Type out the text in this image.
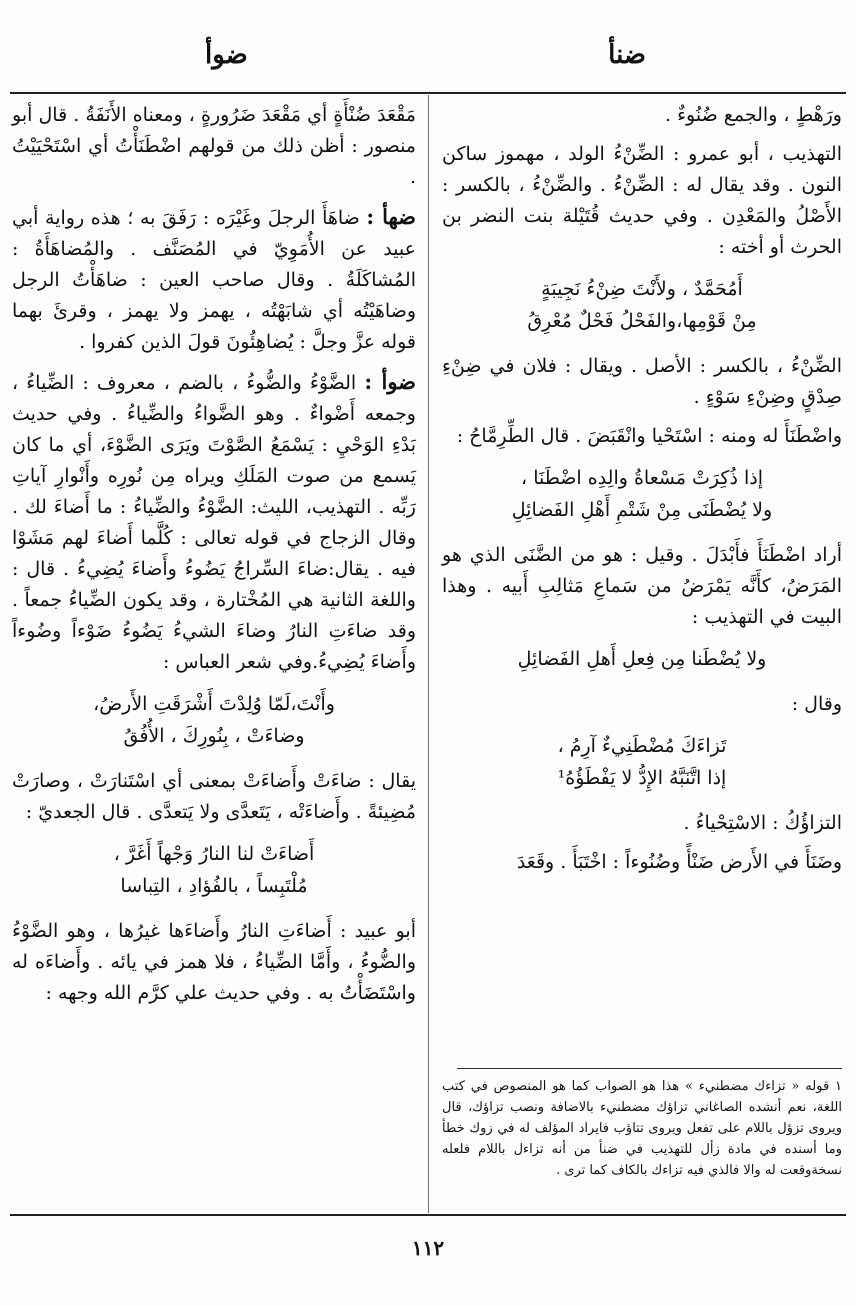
ضنأ
ضوأ

ورَهْطٍ ، والجمع ضُنُوءٌ .

التهذيب ، أبو عمرو : الضِّنْءُ الولد ، مهموز ساكن النون . وقد يقال له : الضِّنْءُ . والضِّنْءُ ، بالكسر : الأَصْلُ والمَعْدِن . وفي حديث قُتَيْلة بنت النضر بن الحرث أو أخته :

أَمُحَمَّدٌ ، ولأَنْتَ ضِنْءُ نَجِيبَةٍ
مِنْ قَوْمِها،والفَحْلُ فَحْلٌ مُعْرِقُ

الضِّنْءُ ، بالكسر : الأصل . ويقال : فلان في ضِنْءِ صِدْقٍ وضِنْءِ سَوْءٍ .

واضْطَنَأَ له ومنه : اسْتَحْيا وانْقَبَضَ . قال الطِّرِمَّاحُ :

إذا ذُكِرَتْ مَسْعاةُ والِدِه اضْطَنَا ،
ولا يُضْطَنَى مِنْ شَتْمِ أَهْلِ الفَضائِلِ

أراد اضْطَنَأَ فأَبْدَلَ . وقيل : هو من الضَّنَى الذي هو المَرَضُ، كأَنَّه يَمْرَضُ من سَماعِ مَثالِبِ أَبيه . وهذا البيت في التهذيب :

ولا يُضْطَنا مِن فِعلِ أَهلِ الفَضائِلِ

وقال :

تَزاءَكَ مُضْطَنِيءٌ آرِمُ ،
إذا اتَّنَبَّهُ الإِدُّ لا يَفْطَؤُهُ¹

التزاؤُكُ : الاسْتِحْياءُ .

وضَنَأَ في الأَرض ضَنْأً وضُنُوءاً : اخْتَبَأَ . وقَعَدَ

١ قوله « تزاءك مضطنيء » هذا هو الصواب كما هو المنصوص في كتب اللغة، نعم أنشده الصاغاني تزاؤك مضطنيء بالاضافة ونصب تزاؤك، قال ويروى تزؤل باللام على تفعل ويروى تتاؤب فايراد المؤلف له في زوك خطأ وما أسنده في مادة زأل للتهذيب في ضنأ من أنه تزاءل باللام فلعله نسخةوقعت له والا فالذي فيه تزاءك بالكاف كما ترى .

مَقْعَدَ ضُنْأَةٍ أي مَقْعَدَ ضَرُورةٍ ، ومعناه الأَنَفَةُ . قال أبو منصور : أظن ذلك من قولهم اضْطَنَأْتُ أي اسْتَحْيَيْتُ .

ضهأ : ضاهَأَ الرجلَ وغَيْرَه : رَفَقَ به ؛ هذه رواية أبي عبيد عن الأُمَوِيّ في المُصَنَّف . والمُضاهَأَةُ : المُشاكَلَةُ . وقال صاحب العين : ضاهَأْتُ الرجل وضاهَيْتُه أي شابَهْتُه ، يهمز ولا يهمز ، وقرئَ بهما قوله عزَّ وجلَّ : يُضاهِئُونَ قولَ الذين كفروا .

ضوأ : الضَّوْءُ والضُّوءُ ، بالضم ، معروف : الضِّياءُ ، وجمعه أَضْواءٌ . وهو الضَّواءُ والضِّياءُ . وفي حديث بَدْءِ الوَحْيِ : يَسْمَعُ الصَّوْتَ ويَرَى الضَّوْءَ، أي ما كان يَسمع من صوت المَلَكِ ويراه مِن نُورِه وأَنْوارِ آياتِ رَبِّه . التهذيب، الليث: الضَّوْءُ والضِّياءُ : ما أَضاءَ لك . وقال الزجاج في قوله تعالى : كُلَّما أَضاءَ لهم مَشَوْا فيه . يقال:ضاءَ السِّراجُ يَضُوءُ وأَضاءَ يُضِيءُ . قال : واللغة الثانية هي المُخْتارة ، وقد يكون الضِّياءُ جمعاً . وقد ضاءَتِ النارُ وضاءَ الشيءُ يَضُوءُ ضَوْءاً وضُوءاً وأَضاءَ يُضِيءُ.وفي شعر العباس :

وأَنْتَ،لَمّا وُلِدْتَ أَشْرَقَتِ الأَرضُ،
وضاءَتْ ، بِنُورِكَ ، الأُفُقُ

يقال : ضاءَتْ وأَضاءَتْ بمعنى أي اسْتَنارَتْ ، وصارَتْ مُضِيئةً . وأَضاءَتْه ، يَتَعدَّى ولا يَتعدَّى . قال الجعديّ :

أَضاءَتْ لنا النارُ وَجْهاً أَغَرَّ ،
مُلْتَبِساً ، بالفُؤادِ ، التِباسا

أبو عبيد : أَضاءَتِ النارُ وأَضاءَها غيرُها ، وهو الضَّوْءُ والضُّوءُ ، وأَمَّا الضِّياءُ ، فلا همز في يائه . وأَضاءَه له واسْتَضَأْتُ به . وفي حديث علي كرَّم الله وجهه :

١١٢
